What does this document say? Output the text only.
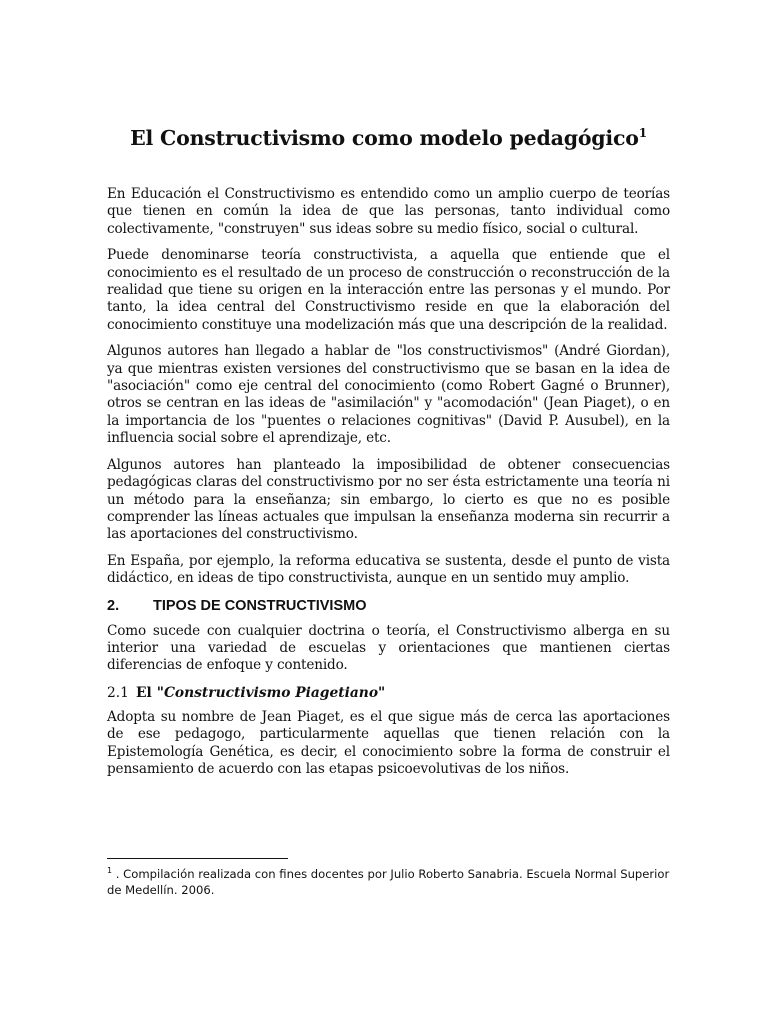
El Constructivismo como modelo pedagógico$^1$

En Educación el Constructivismo es entendido como un amplio cuerpo de teorías que tienen en común la idea de que las personas, tanto individual como colectivamente, "construyen" sus ideas sobre su medio físico, social o cultural.

Puede denominarse teoría constructivista, a aquella que entiende que el conocimiento es el resultado de un proceso de construcción o reconstrucción de la realidad que tiene su origen en la interacción entre las personas y el mundo. Por tanto, la idea central del Constructivismo reside en que la elaboración del conocimiento constituye una modelización más que una descripción de la realidad.

Algunos autores han llegado a hablar de "los constructivismos" (André Giordan), ya que mientras existen versiones del constructivismo que se basan en la idea de "asociación" como eje central del conocimiento (como Robert Gagné o Brunner), otros se centran en las ideas de "asimilación" y "acomodación" (Jean Piaget), o en la importancia de los "puentes o relaciones cognitivas" (David P. Ausubel), en la influencia social sobre el aprendizaje, etc.

Algunos autores han planteado la imposibilidad de obtener consecuencias pedagógicas claras del constructivismo por no ser ésta estrictamente una teoría ni un método para la enseñanza; sin embargo, lo cierto es que no es posible comprender las líneas actuales que impulsan la enseñanza moderna sin recurrir a las aportaciones del constructivismo.

En España, por ejemplo, la reforma educativa se sustenta, desde el punto de vista didáctico, en ideas de tipo constructivista, aunque en un sentido muy amplio.

2.	TIPOS DE CONSTRUCTIVISMO

Como sucede con cualquier doctrina o teoría, el Constructivismo alberga en su interior una variedad de escuelas y orientaciones que mantienen ciertas diferencias de enfoque y contenido.

2.1 El "Constructivismo Piagetiano"

Adopta su nombre de Jean Piaget, es el que sigue más de cerca las aportaciones de ese pedagogo, particularmente aquellas que tienen relación con la Epistemología Genética, es decir, el conocimiento sobre la forma de construir el pensamiento de acuerdo con las etapas psicoevolutivas de los niños.

$^1$ . Compilación realizada con fines docentes por Julio Roberto Sanabria. Escuela Normal Superior de Medellín. 2006.
